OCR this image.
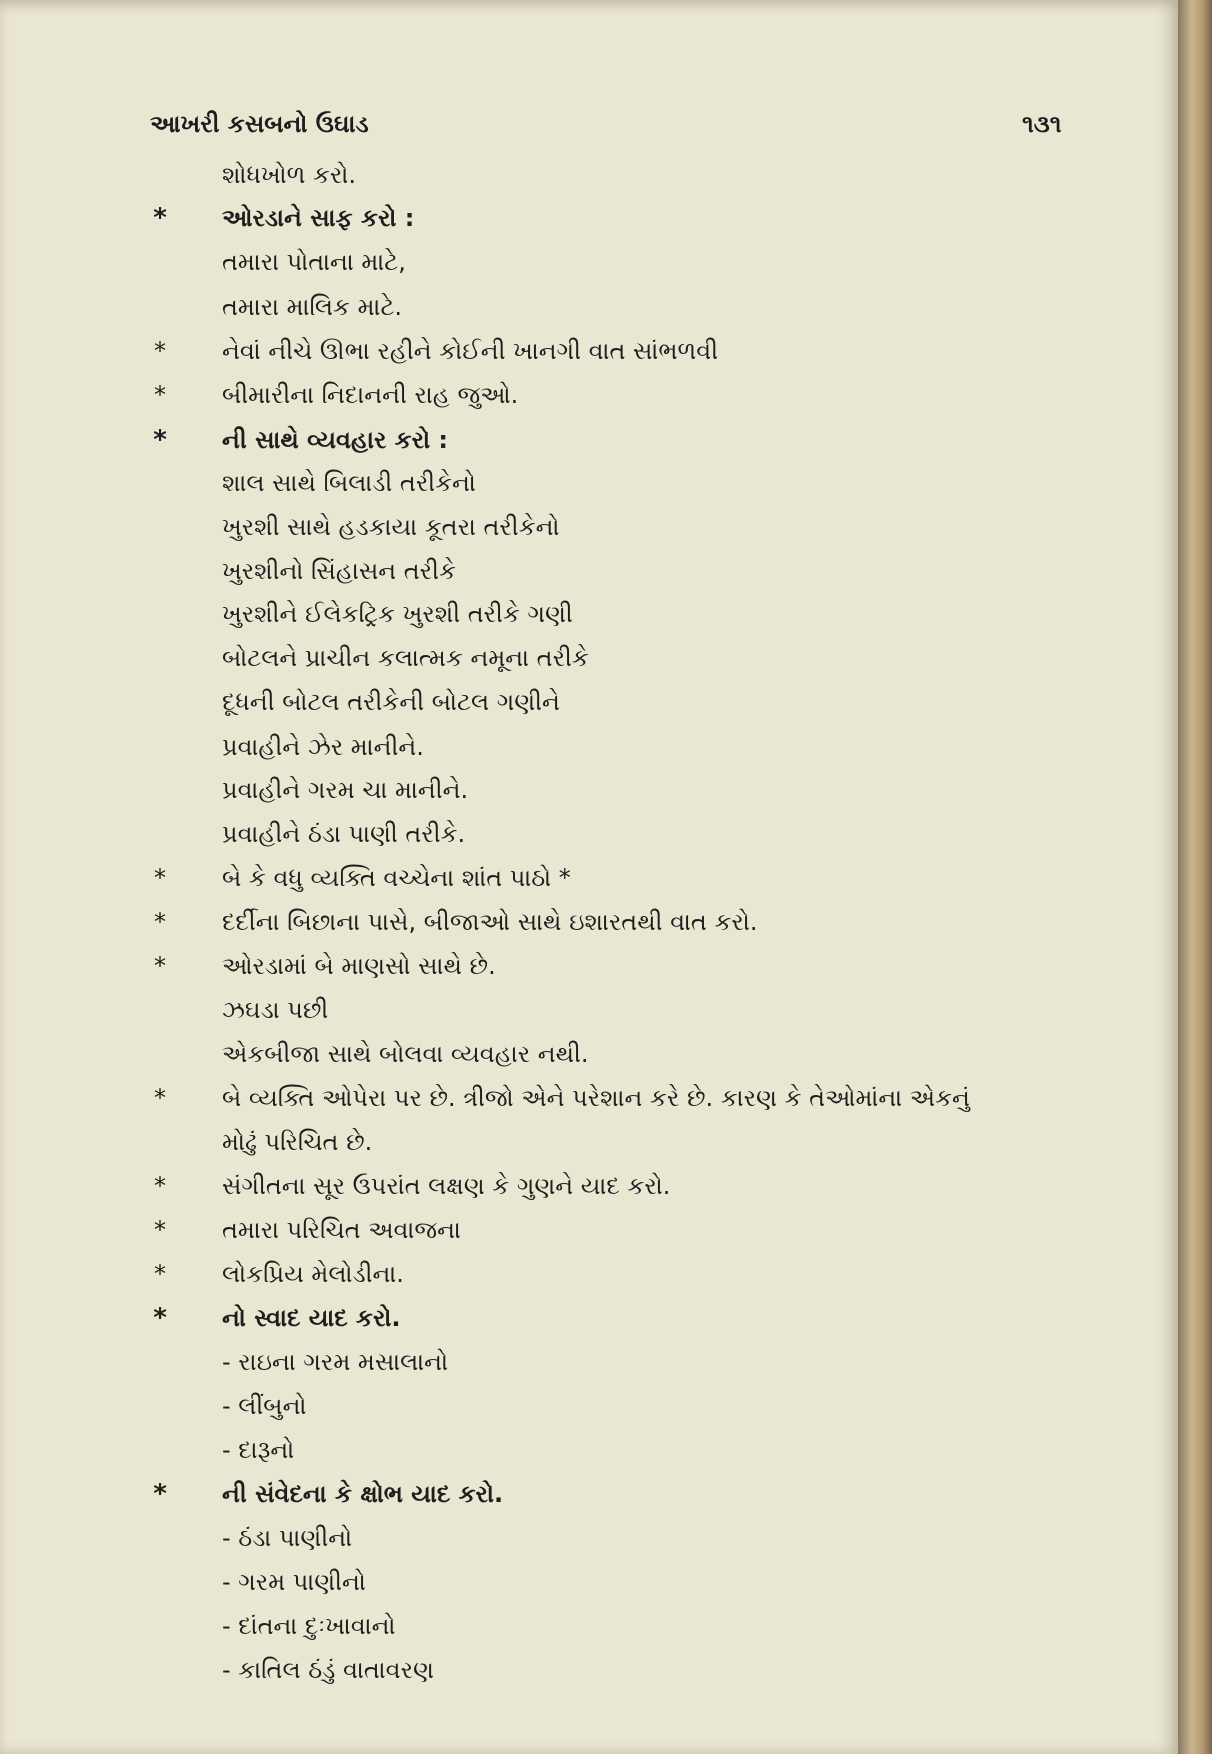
આખરી કસબનો ઉઘાડ	૧૩૧
શોધખોળ કરો.
* ઓરડાને સાફ કરો :
તમારા પોતાના માટે,
તમારા માલિક માટે.
* નેવાં નીચે ઊભા રહીને કોઈની ખાનગી વાત સાંભળવી
* બીમારીના નિદાનની રાહ જુઓ.
* ની સાથે વ્યવહાર કરો :
શાલ સાથે બિલાડી તરીકેનો
ખુરશી સાથે હડકાયા કૂતરા તરીકેનો
ખુરશીનો સિંહાસન તરીકે
ખુરશીને ઈલેકટ્રિક ખુરશી તરીકે ગણી
બોટલને પ્રાચીન કલાત્મક નમૂના તરીકે
દૂધની બોટલ તરીકેની બોટલ ગણીને
પ્રવાહીને ઝેર માનીને.
પ્રવાહીને ગરમ ચા માનીને.
પ્રવાહીને ઠંડા પાણી તરીકે.
* બે કે વધુ વ્યક્તિ વચ્ચેના શાંત પાઠો *
* દર્દીના બિછાના પાસે, બીજાઓ સાથે ઇશારતથી વાત કરો.
* ઓરડામાં બે માણસો સાથે છે.
ઝઘડા પછી
એકબીજા સાથે બોલવા વ્યવહાર નથી.
* બે વ્યક્તિ ઓપેરા પર છે. ત્રીજો એને પરેશાન કરે છે. કારણ કે તેઓમાંના એકનું
મોઢું પરિચિત છે.
* સંગીતના સૂર ઉપરાંત લક્ષણ કે ગુણને યાદ કરો.
* તમારા પરિચિત અવાજના
* લોકપ્રિય મેલોડીના.
* નો સ્વાદ યાદ કરો.
- રાઇના ગરમ મસાલાનો
- લીંબુનો
- દારૂનો
* ની સંવેદના કે ક્ષોભ યાદ કરો.
- ઠંડા પાણીનો
- ગરમ પાણીનો
- દાંતના દુઃખાવાનો
- કાતિલ ઠંડું વાતાવરણ
